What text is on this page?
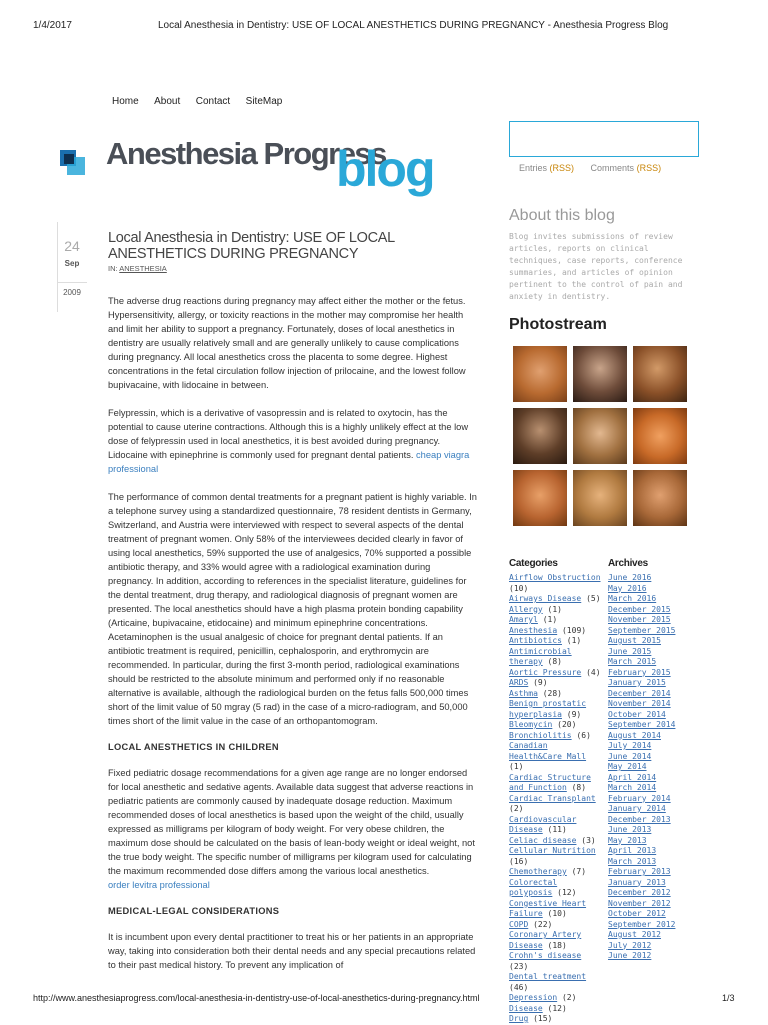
1/4/2017	Local Anesthesia in Dentistry: USE OF LOCAL ANESTHETICS DURING PREGNANCY - Anesthesia Progress Blog
Home About Contact SiteMap
Anesthesia Progress
blog	Entries (RSS) Comments (RSS)
24
Sep
2009
Local Anesthesia in Dentistry: USE OF LOCAL ANESTHETICS DURING PREGNANCY
IN: ANESTHESIA

The adverse drug reactions during pregnancy may affect either the mother or the fetus. Hypersensitivity, allergy, or toxicity reactions in the mother may compromise her health and limit her ability to support a pregnancy. Fortunately, doses of local anesthetics in dentistry are usually relatively small and are generally unlikely to cause complications during pregnancy. All local anesthetics cross the placenta to some degree. Highest concentrations in the fetal circulation follow injection of prilocaine, and the lowest follow bupivacaine, with lidocaine in between.

Felypressin, which is a derivative of vasopressin and is related to oxytocin, has the potential to cause uterine contractions. Although this is a highly unlikely effect at the low dose of felypressin used in local anesthetics, it is best avoided during pregnancy. Lidocaine with epinephrine is commonly used for pregnant dental patients. cheap viagra professional

The performance of common dental treatments for a pregnant patient is highly variable. In a telephone survey using a standardized questionnaire, 78 resident dentists in Germany, Switzerland, and Austria were interviewed with respect to several aspects of the dental treatment of pregnant women. Only 58% of the interviewees decided clearly in favor of using local anesthetics, 59% supported the use of analgesics, 70% supported a possible antibiotic therapy, and 33% would agree with a radiological examination during pregnancy. In addition, according to references in the specialist literature, guidelines for the dental treatment, drug therapy, and radiological diagnosis of pregnant women are presented. The local anesthetics should have a high plasma protein bonding capability (Articaine, bupivacaine, etidocaine) and minimum epinephrine concentrations. Acetaminophen is the usual analgesic of choice for pregnant dental patients. If an antibiotic treatment is required, penicillin, cephalosporin, and erythromycin are recommended. In particular, during the first 3-month period, radiological examinations should be restricted to the absolute minimum and performed only if no reasonable alternative is available, although the radiological burden on the fetus falls 500,000 times short of the limit value of 50 mgray (5 rad) in the case of a micro-radiogram, and 50,000 times short of the limit value in the case of an orthopantomogram.

LOCAL ANESTHETICS IN CHILDREN

Fixed pediatric dosage recommendations for a given age range are no longer endorsed for local anesthetic and sedative agents. Available data suggest that adverse reactions in pediatric patients are commonly caused by inadequate dosage reduction. Maximum recommended doses of local anesthetics is based upon the weight of the child, usually expressed as milligrams per kilogram of body weight. For very obese children, the maximum dose should be calculated on the basis of lean-body weight or ideal weight, not the true body weight. The specific number of milligrams per kilogram used for calculating the maximum recommended dose differs among the various local anesthetics.

order levitra professional

MEDICAL-LEGAL CONSIDERATIONS

It is incumbent upon every dental practitioner to treat his or her patients in an appropriate way, taking into consideration both their dental needs and any special precautions related to their past medical history. To prevent any implication of

About this blog
Blog invites submissions of review articles, reports on clinical techniques, case reports, conference summaries, and articles of opinion pertinent to the control of pain and anxiety in dentistry.
Photostream
Categories	Archives
Airflow Obstruction (10)
Airways Disease (5)
Allergy (1)
Amaryl (1)
Anesthesia (109)
Antibiotics (1)
Antimicrobial therapy (8)
Aortic Pressure (4)
ARDS (9)
Asthma (28)
Benign prostatic hyperplasia (9)
Bleomycin (20)
Bronchiolitis (6)
Canadian Health&Care Mall (1)
Cardiac Structure and Function (8)
Cardiac Transplant (2)
Cardiovascular Disease (11)
Celiac disease (3)
Cellular Nutrition (16)
Chemotherapy (7)
Colorectal polyposis (12)
Congestive Heart Failure (10)
COPD (22)
Coronary Artery Disease (18)
Crohn's disease (23)
Dental treatment (46)
Depression (2)
Disease (12)
Drug (15)
June 2016
May 2016
March 2016
December 2015
November 2015
September 2015
August 2015
June 2015
March 2015
February 2015
January 2015
December 2014
November 2014
October 2014
September 2014
August 2014
July 2014
June 2014
May 2014
April 2014
March 2014
February 2014
January 2014
December 2013
June 2013
May 2013
April 2013
March 2013
February 2013
January 2013
December 2012
November 2012
October 2012
September 2012
August 2012
July 2012
June 2012
http://www.anesthesiaprogress.com/local-anesthesia-in-dentistry-use-of-local-anesthetics-during-pregnancy.html	1/3
